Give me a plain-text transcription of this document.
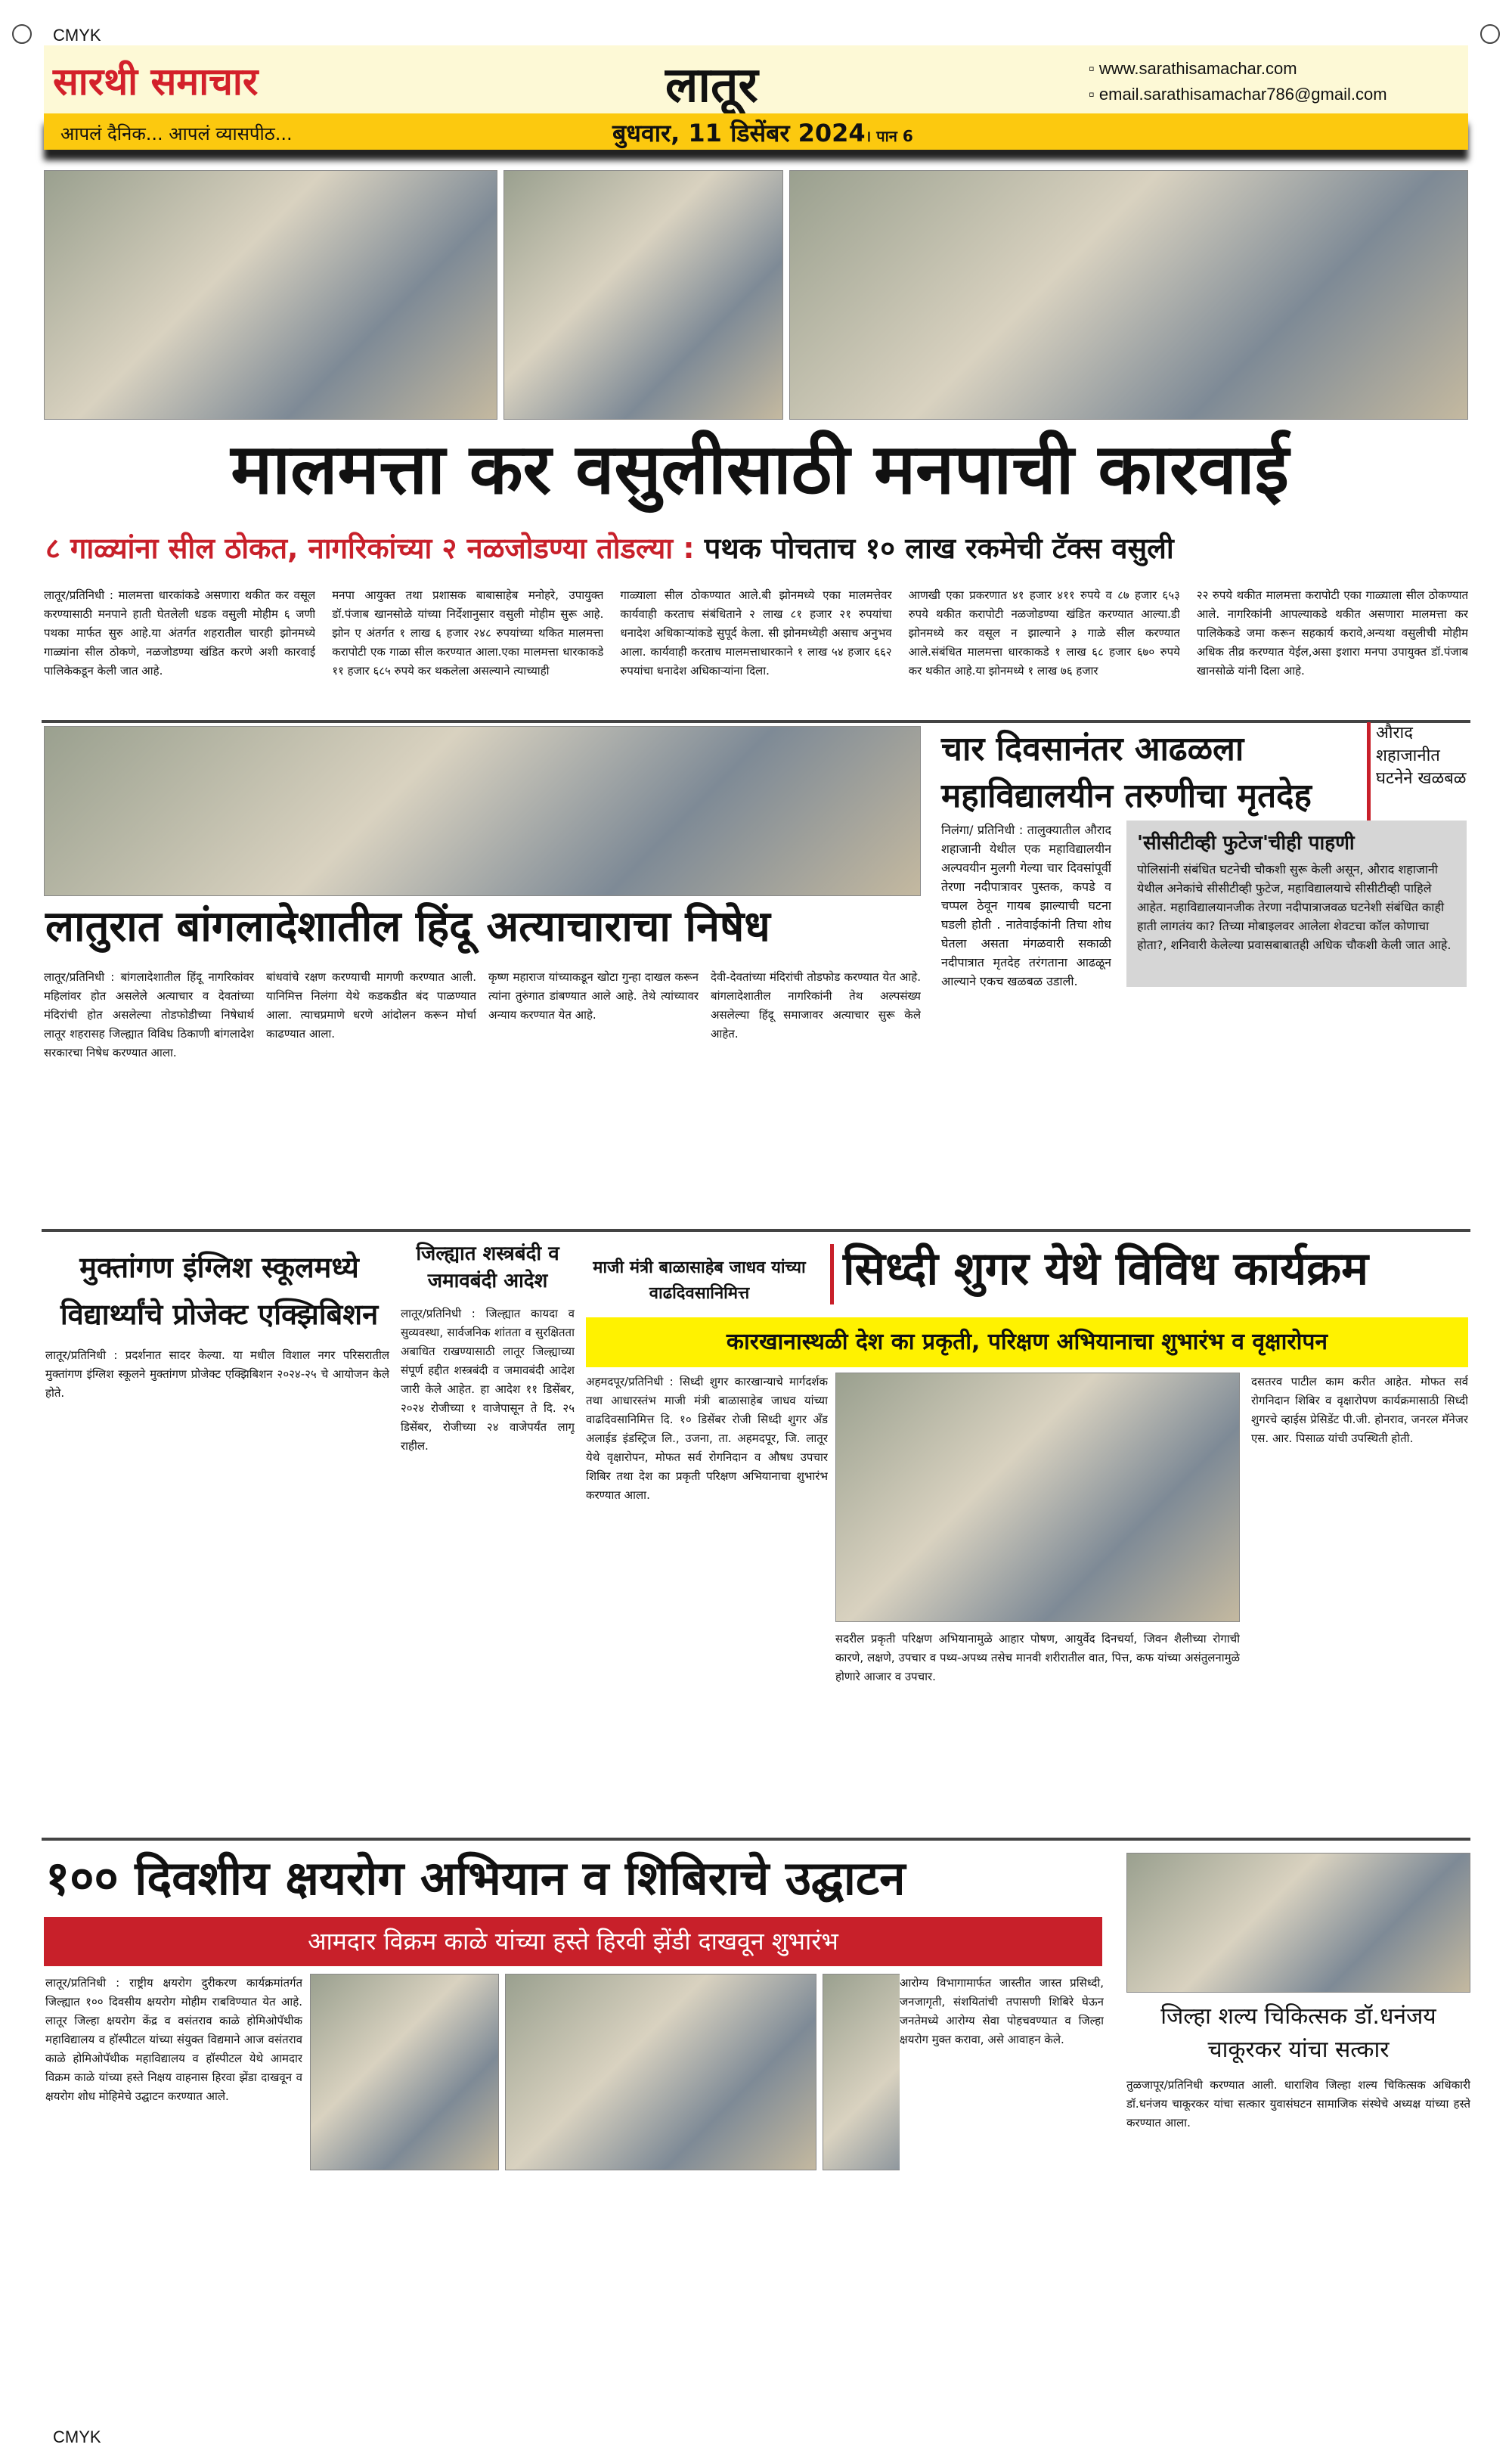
CMYK
CMYK
सारथी समाचार	लातूर	▫ www.sarathisamachar.com
▫ email.sarathisamachar786@gmail.com
आपलं दैनिक... आपलं व्यासपीठ...	बुधवार, 11 डिसेंबर 2024। पान 6
मालमत्ता कर वसुलीसाठी मनपाची कारवाई
८ गाळ्यांना सील ठोकत, नागरिकांच्या २ नळजोडण्या तोडल्या : पथक पोचताच १० लाख रकमेची टॅक्स वसुली
लातूर/प्रतिनिधी : मालमत्ता धारकांकडे असणारा थकीत कर वसूल करण्यासाठी मनपाने हाती घेतलेली धडक वसुली मोहीम ६ जणी पथका मार्फत सुरु आहे.या अंतर्गत शहरातील चारही झोनमध्ये गाळ्यांना सील ठोकणे, नळजोडण्या खंडित करणे अशी कारवाई पालिकेकडून केली जात आहे.
मनपा आयुक्त तथा प्रशासक बाबासाहेब मनोहरे, उपायुक्त डॉ.पंजाब खानसोळे यांच्या निर्देशानुसार वसुली मोहीम सुरू आहे. झोन ए अंतर्गत १ लाख ६ हजार २४८ रुपयांच्या थकित मालमत्ता करापोटी एक गाळा सील करण्यात आला.एका मालमत्ता धारकाकडे ११ हजार ६८५ रुपये कर थकलेला असल्याने त्याच्याही
गाळ्याला सील ठोकण्यात आले.बी झोनमध्ये एका मालमत्तेवर कार्यवाही करताच संबंधिताने २ लाख ८१ हजार २१ रुपयांचा धनादेश अधिकाऱ्यांकडे सुपूर्द केला. सी झोनमध्येही असाच अनुभव आला. कार्यवाही करताच मालमत्ताधारकाने १ लाख ५४ हजार ६६२ रुपयांचा धनादेश अधिकाऱ्यांना दिला.
आणखी एका प्रकरणात ४१ हजार ४११ रुपये व ८७ हजार ६५३ रुपये थकीत करापोटी नळजोडण्या खंडित करण्यात आल्या.डी झोनमध्ये कर वसूल न झाल्याने ३ गाळे सील करण्यात आले.संबंधित मालमत्ता धारकाकडे १ लाख ६८ हजार ६७० रुपये कर थकीत आहे.या झोनमध्ये १ लाख ७६ हजार
२२ रुपये थकीत मालमत्ता करापोटी एका गाळ्याला सील ठोकण्यात आले. नागरिकांनी आपल्याकडे थकीत असणारा मालमत्ता कर पालिकेकडे जमा करून सहकार्य करावे,अन्यथा वसुलीची मोहीम अधिक तीव्र करण्यात येईल,असा इशारा मनपा उपायुक्त डॉ.पंजाब खानसोळे यांनी दिला आहे.
लातुरात बांगलादेशातील हिंदू अत्याचाराचा निषेध
लातूर/प्रतिनिधी : बांगलादेशातील हिंदू नागरिकांवर महिलांवर होत असलेले अत्याचार व देवतांच्या मंदिरांची होत असलेल्या तोडफोडीच्या निषेधार्थ लातूर शहरासह जिल्ह्यात विविध ठिकाणी बांगलादेश सरकारचा निषेध करण्यात आला.
बांधवांचे रक्षण करण्याची मागणी करण्यात आली. यानिमित्त निलंगा येथे कडकडीत बंद पाळण्यात आला. त्याचप्रमाणे धरणे आंदोलन करून मोर्चा काढण्यात आला.
कृष्ण महाराज यांच्याकडून खोटा गुन्हा दाखल करून त्यांना तुरुंगात डांबण्यात आले आहे. तेथे त्यांच्यावर अन्याय करण्यात येत आहे.
देवी-देवतांच्या मंदिरांची तोडफोड करण्यात येत आहे. बांगलादेशातील नागरिकांनी तेथ अल्पसंख्य असलेल्या हिंदू समाजावर अत्याचार सुरू केले आहेत.
चार दिवसानंतर आढळला महाविद्यालयीन तरुणीचा मृतदेह
औराद शहाजानीत घटनेने खळबळ
निलंगा/ प्रतिनिधी : तालुक्यातील औराद शहाजानी येथील एक महाविद्यालयीन अल्पवयीन मुलगी गेल्या चार दिवसांपूर्वी तेरणा नदीपात्रावर पुस्तक, कपडे व चप्पल ठेवून गायब झाल्याची घटना घडली होती . नातेवाईकांनी तिचा शोध घेतला असता मंगळवारी सकाळी नदीपात्रात मृतदेह तरंगताना आढळून आल्याने एकच खळबळ उडाली.
'सीसीटीव्ही फुटेज'चीही पाहणी
पोलिसांनी संबंधित घटनेची चौकशी सुरू केली असून, औराद शहाजानी येथील अनेकांचे सीसीटीव्ही फुटेज, महाविद्यालयाचे सीसीटीव्ही पाहिले आहेत. महाविद्यालयानजीक तेरणा नदीपात्राजवळ घटनेशी संबंधित काही हाती लागतंय का? तिच्या मोबाइलवर आलेला शेवटचा कॉल कोणाचा होता?, शनिवारी केलेल्या प्रवासबाबातही अधिक चौकशी केली जात आहे.
मुक्तांगण इंग्लिश स्कूलमध्ये विद्यार्थ्यांचे प्रोजेक्ट एक्झिबिशन
लातूर/प्रतिनिधी : प्रदर्शनात सादर केल्या. या मधील विशाल नगर परिसरातील मुक्तांगण इंग्लिश स्कूलने मुक्तांगण प्रोजेक्ट एक्झिबिशन २०२४-२५ चे आयोजन केले होते.
जिल्ह्यात शस्त्रबंदी व जमावबंदी आदेश
लातूर/प्रतिनिधी : जिल्ह्यात कायदा व सुव्यवस्था, सार्वजनिक शांतता व सुरक्षितता अबाधित राखण्यासाठी लातूर जिल्ह्याच्या संपूर्ण हद्दीत शस्त्रबंदी व जमावबंदी आदेश जारी केले आहेत. हा आदेश ११ डिसेंबर, २०२४ रोजीच्या १ वाजेपासून ते दि. २५ डिसेंबर, रोजीच्या २४ वाजेपर्यंत लागू राहील.
माजी मंत्री बाळासाहेब जाधव यांच्या वाढदिवसानिमित्त	सिध्दी शुगर येथे विविध कार्यक्रम
कारखानास्थळी देश का प्रकृती, परिक्षण अभियानाचा शुभारंभ व वृक्षारोपन
अहमदपूर/प्रतिनिधी : सिध्दी शुगर कारखान्याचे मार्गदर्शक तथा आधारस्तंभ माजी मंत्री बाळासाहेब जाधव यांच्या वाढदिवसानिमित्त दि. १० डिसेंबर रोजी सिध्दी शुगर अँड अलाईड इंडस्ट्रिज लि., उजना, ता. अहमदपूर, जि. लातूर येथे वृक्षारोपन, मोफत सर्व रोगनिदान व औषध उपचार शिबिर तथा देश का प्रकृती परिक्षण अभियानाचा शुभारंभ करण्यात आला.
सदरील प्रकृती परिक्षण अभियानामुळे आहार पोषण, आयुर्वेद दिनचर्या, जिवन शैलीच्या रोगाची कारणे, लक्षणे, उपचार व पथ्य-अपथ्य तसेच मानवी शरीरातील वात, पित्त, कफ यांच्या असंतुलनामुळे होणारे आजार व उपचार.
दसतरव पाटील काम करीत आहेत. मोफत सर्व रोगनिदान शिबिर व वृक्षारोपण कार्यक्रमासाठी सिध्दी शुगरचे व्हाईस प्रेसिडेंट पी.जी. होनराव, जनरल मॅनेजर एस. आर. पिसाळ यांची उपस्थिती होती.
१०० दिवशीय क्षयरोग अभियान व शिबिराचे उद्घाटन
आमदार विक्रम काळे यांच्या हस्ते हिरवी झेंडी दाखवून शुभारंभ
लातूर/प्रतिनिधी : राष्ट्रीय क्षयरोग दुरीकरण कार्यक्रमांतर्गत जिल्ह्यात १०० दिवसीय क्षयरोग मोहीम राबविण्यात येत आहे. लातूर जिल्हा क्षयरोग केंद्र व वसंतराव काळे होमिओपॅथीक महाविद्यालय व हॉस्पीटल यांच्या संयुक्त विद्यमाने आज वसंतराव काळे होमिओपॅथीक महाविद्यालय व हॉस्पीटल येथे आमदार विक्रम काळे यांच्या हस्ते निक्षय वाहनास हिरवा झेंडा दाखवून व क्षयरोग शोध मोहिमेचे उद्घाटन करण्यात आले.
आरोग्य विभागामार्फत जास्तीत जास्त प्रसिध्दी, जनजागृती, संशयितांची तपासणी शिबिरे घेऊन जनतेमध्ये आरोग्य सेवा पोहचवण्यात व जिल्हा क्षयरोग मुक्त करावा, असे आवाहन केले.
जिल्हा शल्य चिकित्सक डॉ.धनंजय चाकूरकर यांचा सत्कार
तुळजापूर/प्रतिनिधी करण्यात आली. धाराशिव जिल्हा शल्य चिकित्सक अधिकारी डॉ.धनंजय चाकूरकर यांचा सत्कार युवासंघटन सामाजिक संस्थेचे अध्यक्ष यांच्या हस्ते करण्यात आला.
